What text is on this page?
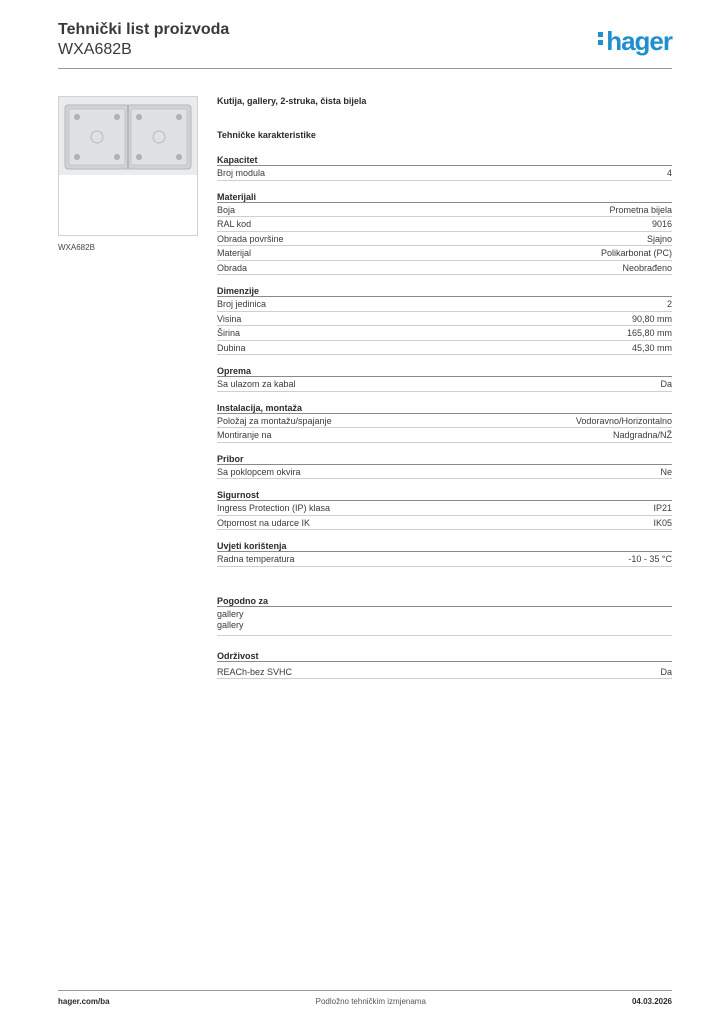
Tehnički list proizvoda
WXA682B	hager
WXA682B
Kutija, gallery, 2-struka, čista bijela
Tehničke karakteristike
Kapacitet
Broj modula	4
Materijali
Boja	Prometna bijela
RAL kod	9016
Obrada površine	Sjajno
Materijal	Polikarbonat (PC)
Obrada	Neobrađeno
Dimenzije
Broj jedinica	2
Visina	90,80 mm
Širina	165,80 mm
Dubina	45,30 mm
Oprema
Sa ulazom za kabal	Da
Instalacija, montaža
Položaj za montažu/spajanje	Vodoravno/Horizontalno
Montiranje na	Nadgradna/NŽ
Pribor
Sa poklopcem okvira	Ne
Sigurnost
Ingress Protection (IP) klasa	IP21
Otpornost na udarce IK	IK05
Uvjeti korištenja
Radna temperatura	-10 - 35 °C
Pogodno za
gallery
gallery
Održivost
REACh-bez SVHC	Da
hager.com/ba	Podložno tehničkim izmjenama	04.03.2026
